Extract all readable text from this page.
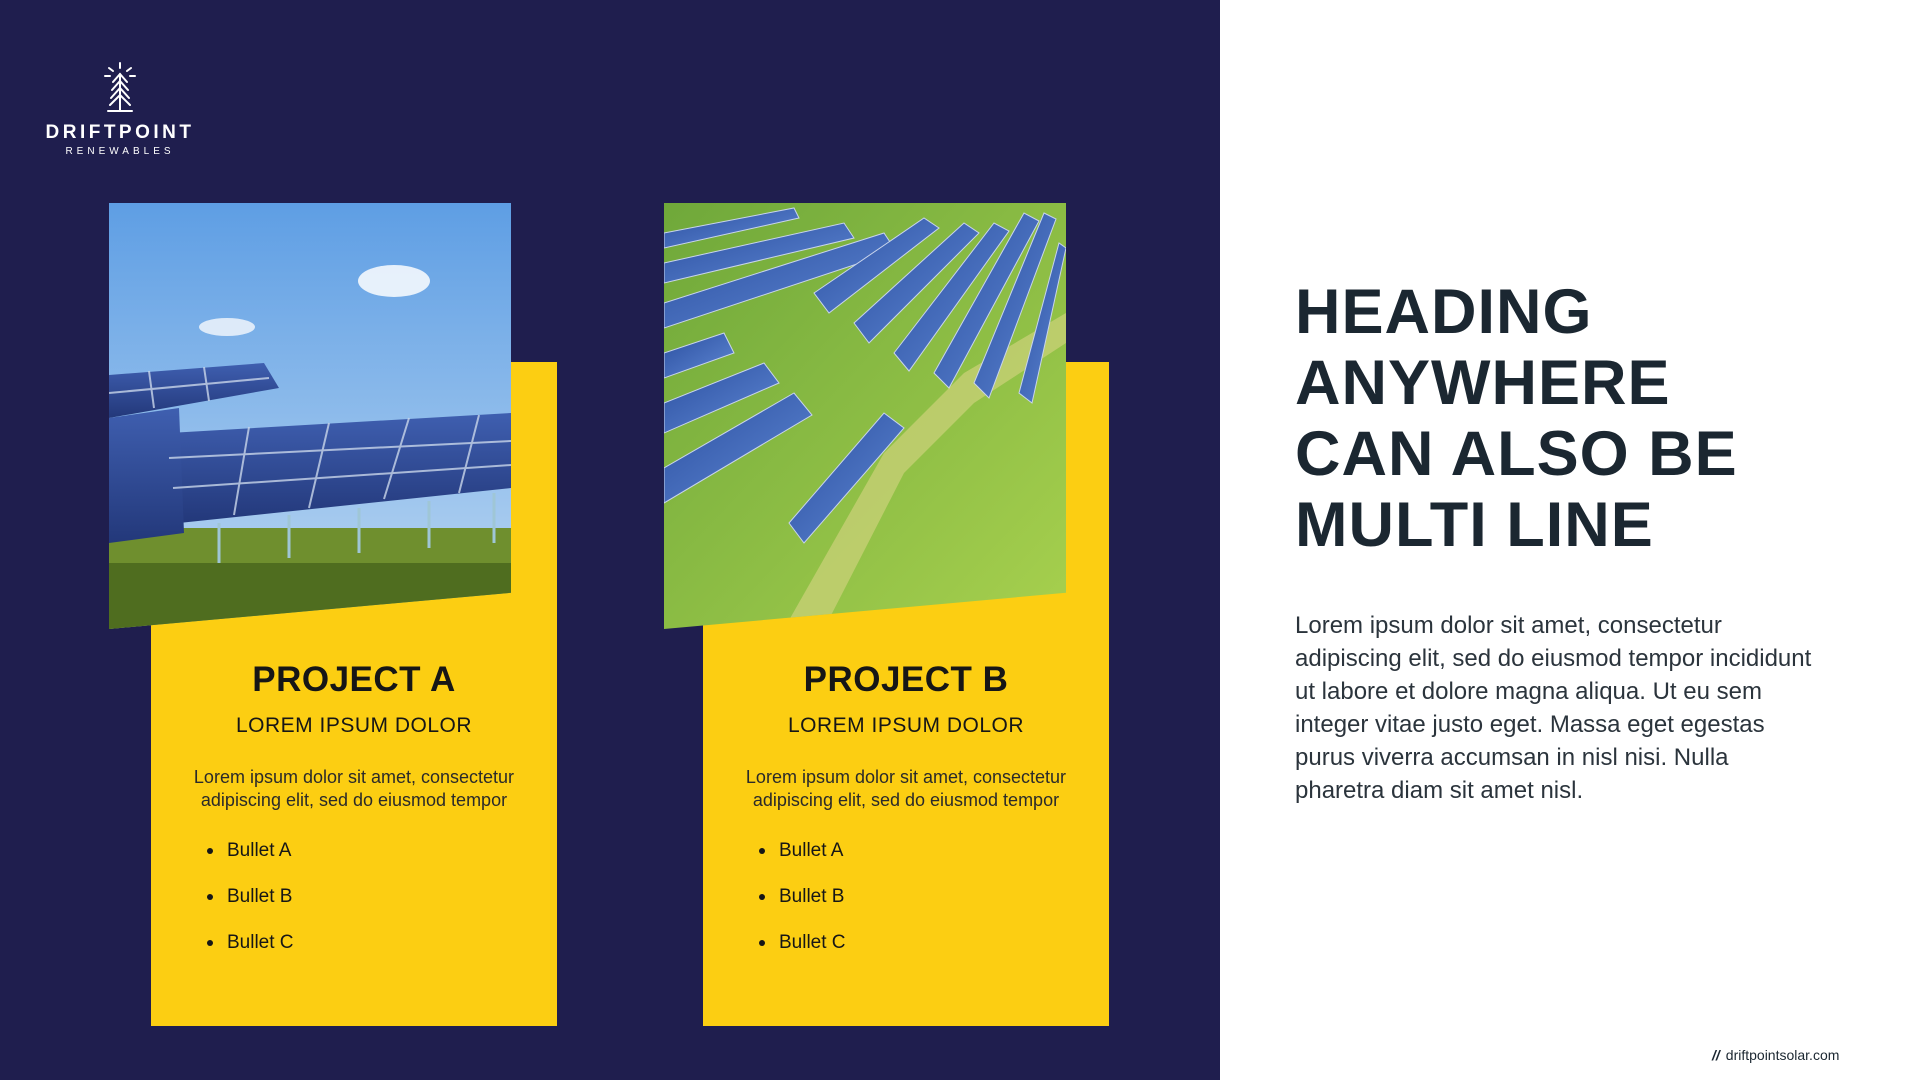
DRIFTPOINT
RENEWABLES
PROJECT A
LOREM IPSUM DOLOR
Lorem ipsum dolor sit amet, consectetur adipiscing elit, sed do eiusmod tempor
Bullet A
Bullet B
Bullet C
PROJECT B
LOREM IPSUM DOLOR
Lorem ipsum dolor sit amet, consectetur adipiscing elit, sed do eiusmod tempor
Bullet A
Bullet B
Bullet C
HEADING
ANYWHERE
CAN ALSO BE
MULTI LINE
Lorem ipsum dolor sit amet, consectetur adipiscing elit, sed do eiusmod tempor incididunt ut labore et dolore magna aliqua. Ut eu sem integer vitae justo eget. Massa eget egestas purus viverra accumsan in nisl nisi. Nulla pharetra diam sit amet nisl.
// driftpointsolar.com
